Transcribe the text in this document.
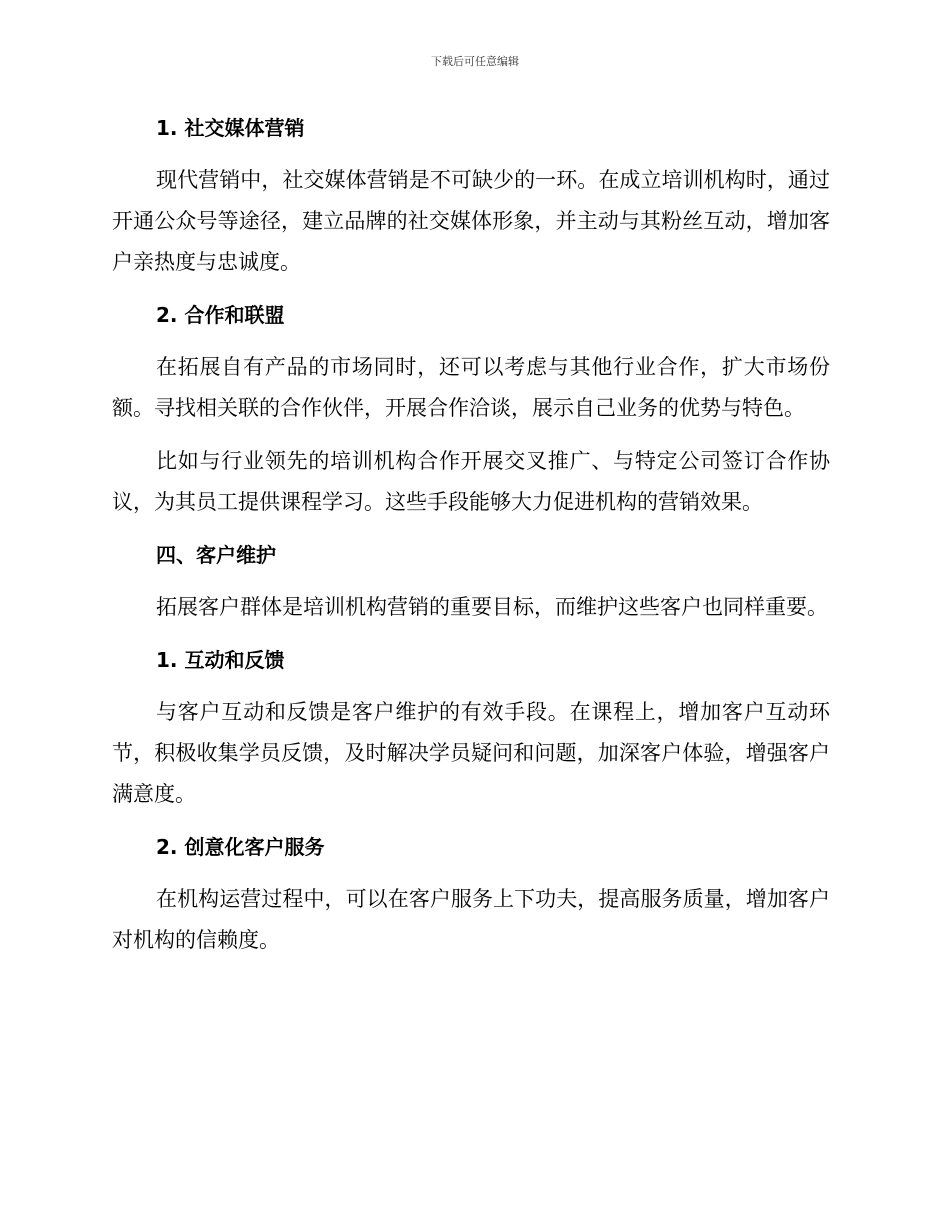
下载后可任意编辑
1. 社交媒体营销

现代营销中，社交媒体营销是不可缺少的一环。在成立培训机构时，通过开通公众号等途径，建立品牌的社交媒体形象，并主动与其粉丝互动，增加客户亲热度与忠诚度。

2. 合作和联盟

在拓展自有产品的市场同时，还可以考虑与其他行业合作，扩大市场份额。寻找相关联的合作伙伴，开展合作洽谈，展示自己业务的优势与特色。

比如与行业领先的培训机构合作开展交叉推广、与特定公司签订合作协议，为其员工提供课程学习。这些手段能够大力促进机构的营销效果。

四、客户维护

拓展客户群体是培训机构营销的重要目标，而维护这些客户也同样重要。

1. 互动和反馈

与客户互动和反馈是客户维护的有效手段。在课程上，增加客户互动环节，积极收集学员反馈，及时解决学员疑问和问题，加深客户体验，增强客户满意度。

2. 创意化客户服务

在机构运营过程中，可以在客户服务上下功夫，提高服务质量，增加客户对机构的信赖度。
